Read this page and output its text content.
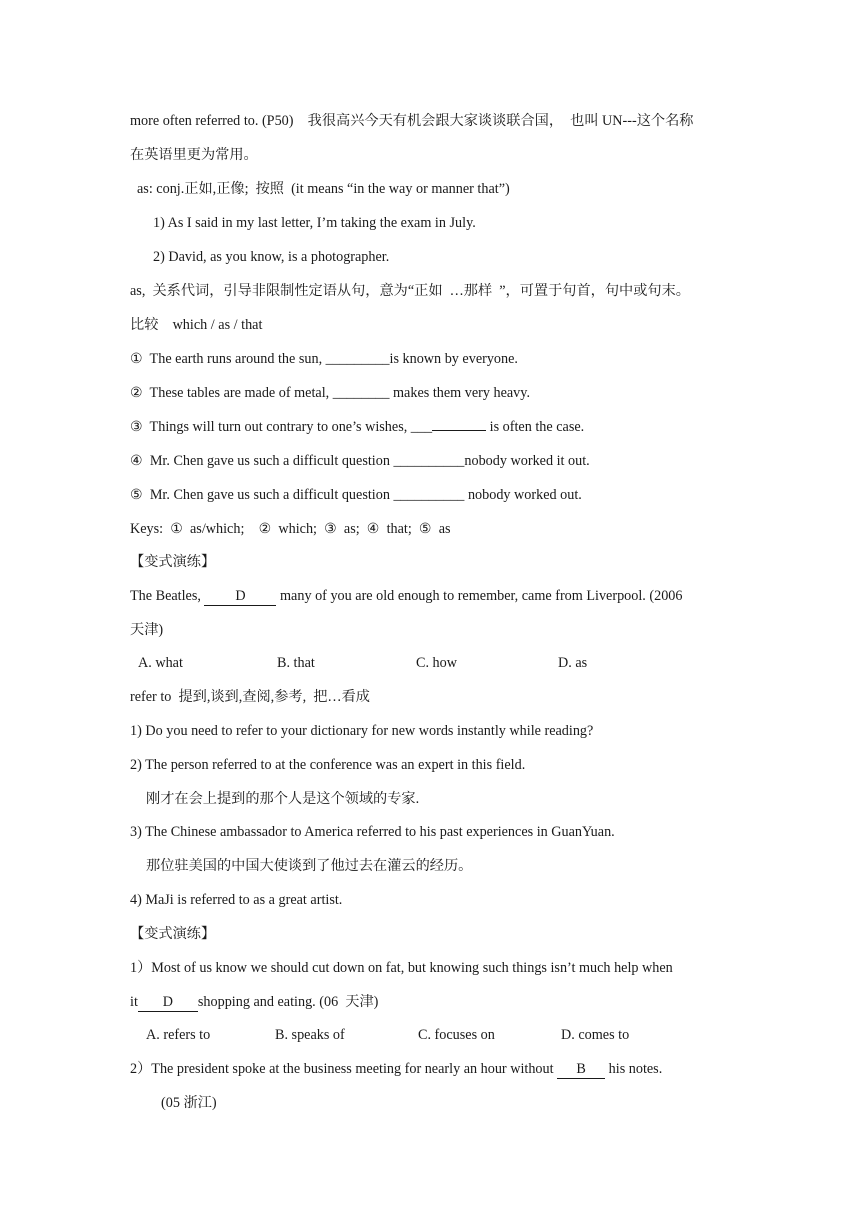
more often referred to. (P50)    我很高兴今天有机会跟大家谈谈联合国，  也叫 UN---这个名称
在英语里更为常用。
as: conj.正如,正像;  按照  (it means “in the way or manner that”)
1) As I said in my last letter, I’m taking the exam in July.
2) David, as you know, is a photographer.
as,  关系代词，引导非限制性定语从句，意为“正如  …那样  ”，可置于句首，句中或句末。
比较    which / as / that
①  The earth runs around the sun, _________is known by everyone.
②  These tables are made of metal, ________ makes them very heavy.
③  Things will turn out contrary to one’s wishes, ___	is often the case.
④  Mr. Chen gave us such a difficult question __________nobody worked it out.
⑤  Mr. Chen gave us such a difficult question __________ nobody worked out.
Keys:  ①  as/which;    ②  which;  ③  as;  ④  that;  ⑤  as
【变式演练】
The Beatles, D many of you are old enough to remember, came from Liverpool. (2006
天津)
A. what	B. that	C. how	D. as
refer to  提到,谈到,查阅,参考,  把…看成
1) Do you need to refer to your dictionary for new words instantly while reading?
2) The person referred to at the conference was an expert in this field.
刚才在会上提到的那个人是这个领域的专家.
3) The Chinese ambassador to America referred to his past experiences in GuanYuan.
那位驻美国的中国大使谈到了他过去在灌云的经历。
4) MaJi is referred to as a great artist.
【变式演练】
1）Most of us know we should cut down on fat, but knowing such things isn’t much help when
it D shopping and eating. (06  天津)
A. refers to	B. speaks of	C. focuses on	D. comes to
2）The president spoke at the business meeting for nearly an hour without B his notes.
(05 浙江)
